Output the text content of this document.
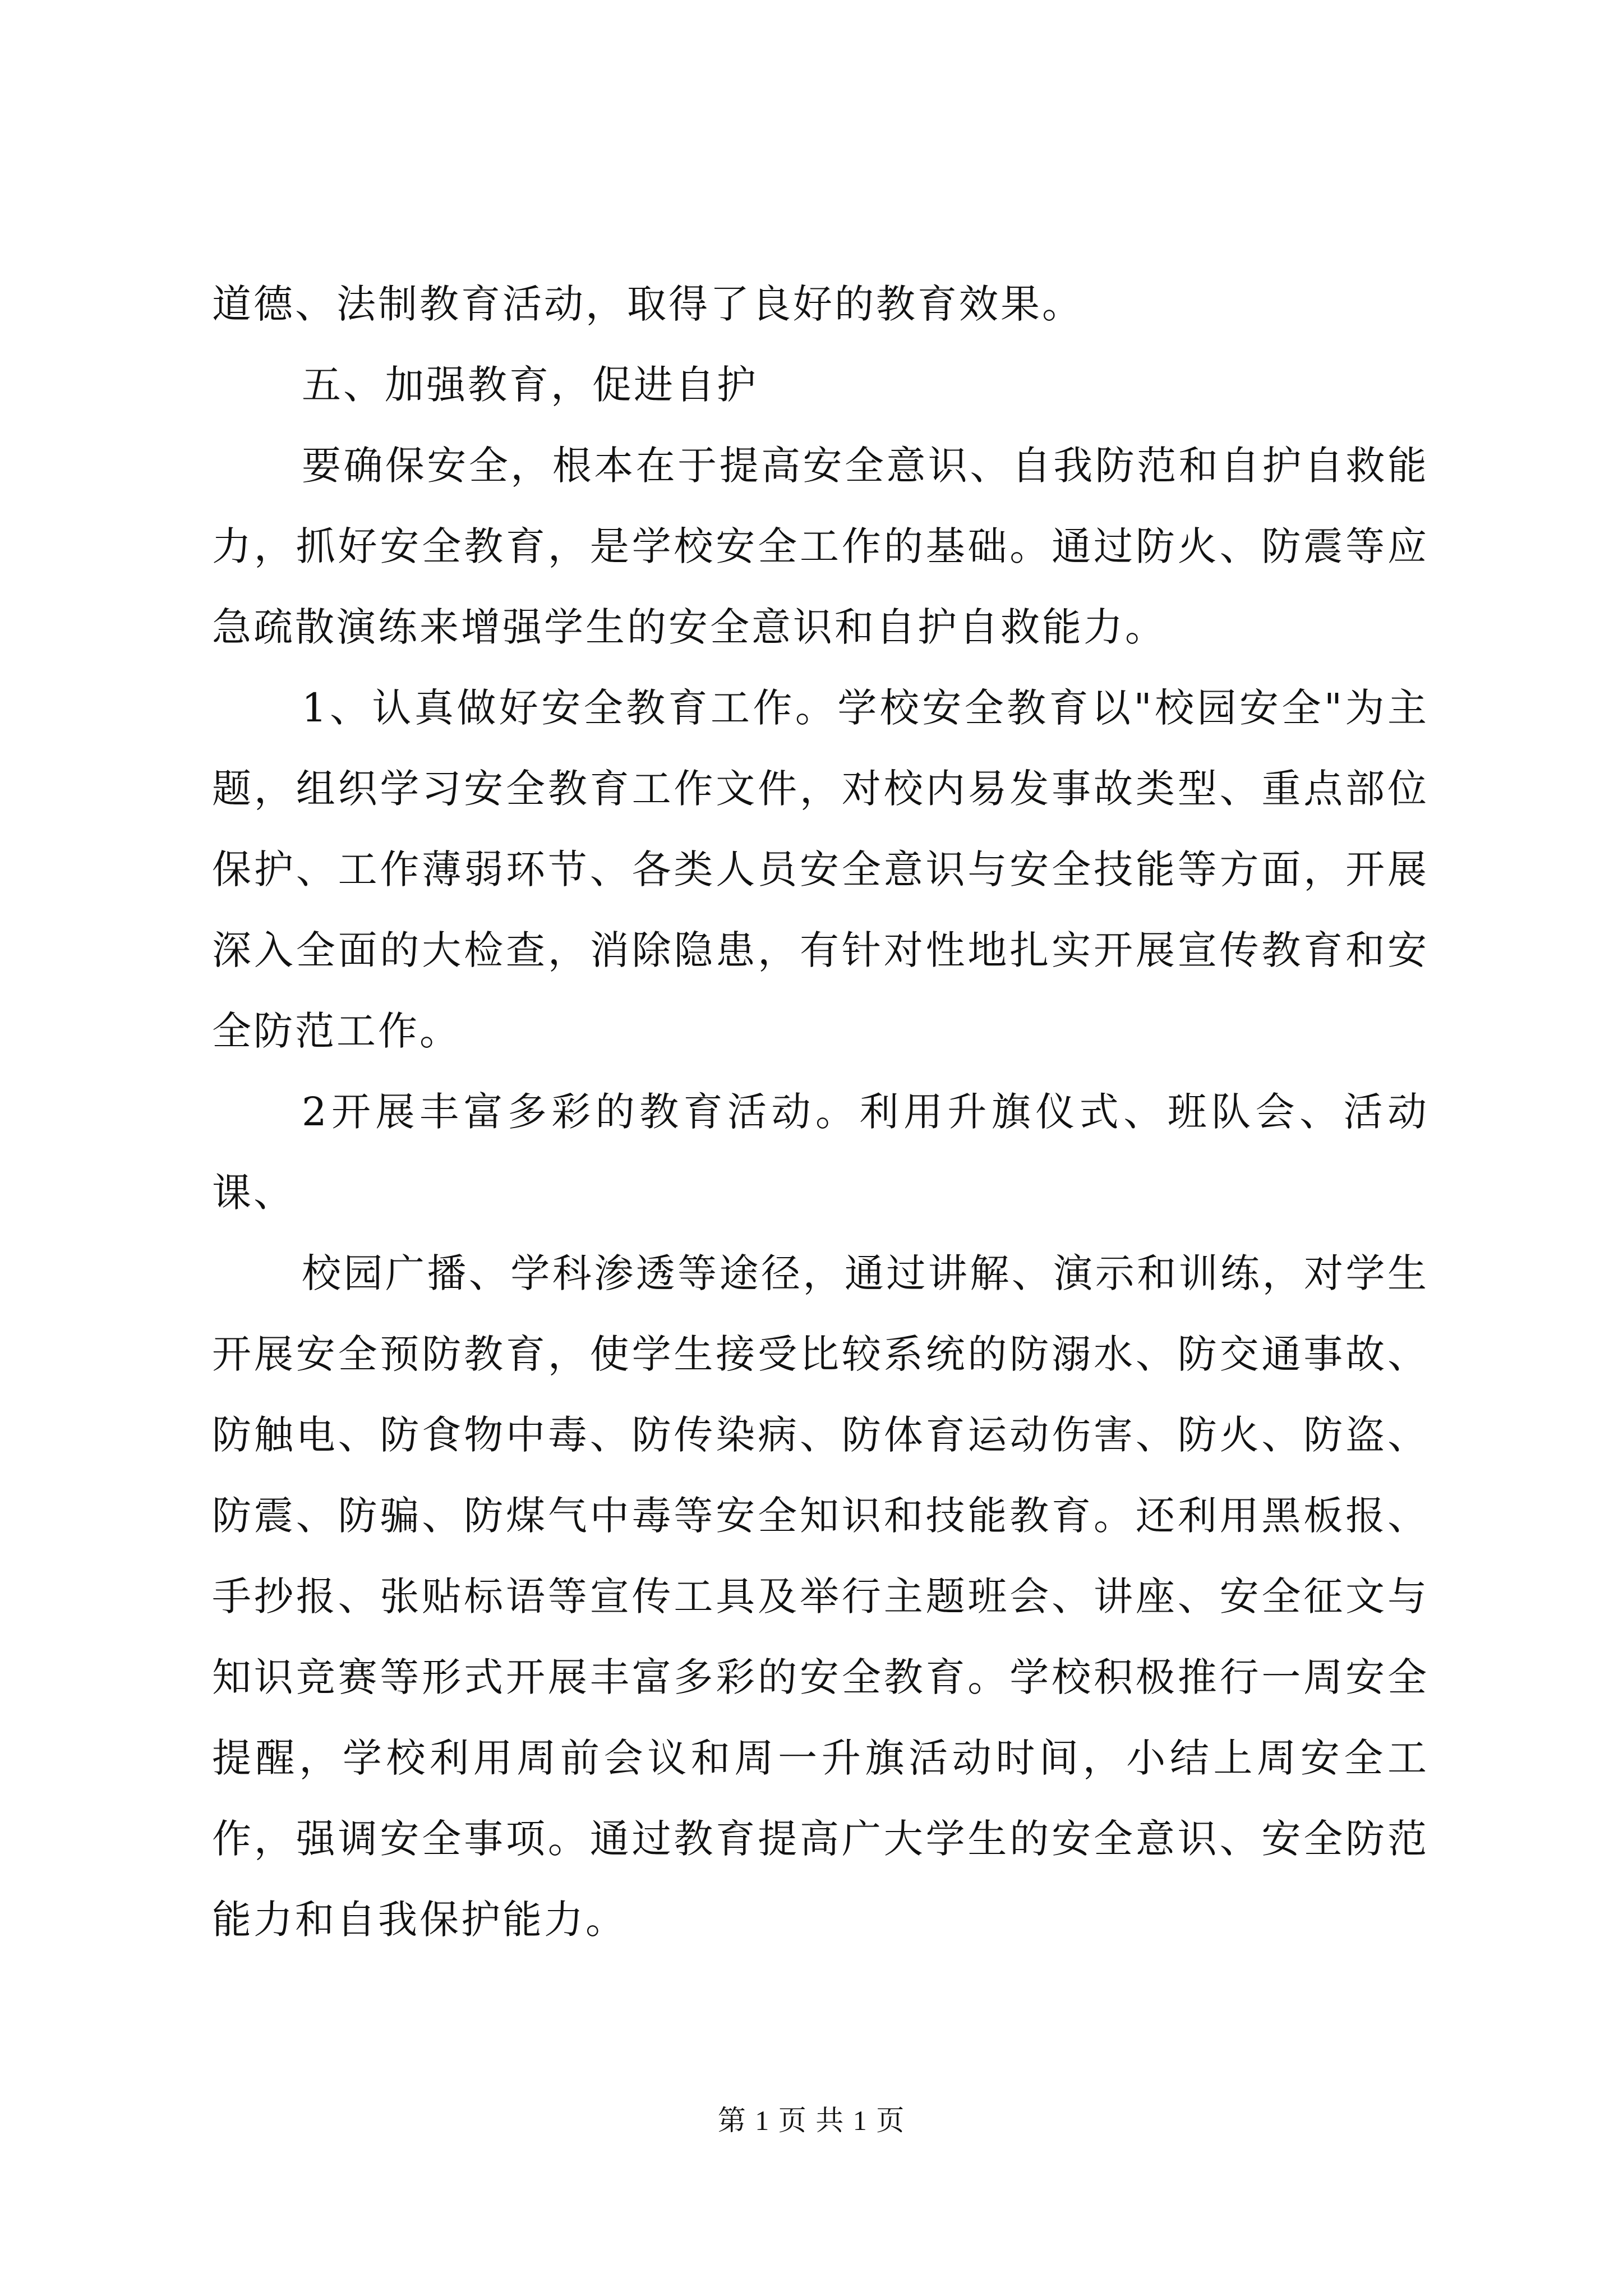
道德、法制教育活动，取得了良好的教育效果。

五、加强教育，促进自护

要确保安全，根本在于提高安全意识、自我防范和自护自救能力，抓好安全教育，是学校安全工作的基础。通过防火、防震等应急疏散演练来增强学生的安全意识和自护自救能力。

1、认真做好安全教育工作。学校安全教育以"校园安全"为主题，组织学习安全教育工作文件，对校内易发事故类型、重点部位保护、工作薄弱环节、各类人员安全意识与安全技能等方面，开展深入全面的大检查，消除隐患，有针对性地扎实开展宣传教育和安全防范工作。

2开展丰富多彩的教育活动。利用升旗仪式、班队会、活动课、

校园广播、学科渗透等途径，通过讲解、演示和训练，对学生开展安全预防教育，使学生接受比较系统的防溺水、防交通事故、防触电、防食物中毒、防传染病、防体育运动伤害、防火、防盗、防震、防骗、防煤气中毒等安全知识和技能教育。还利用黑板报、手抄报、张贴标语等宣传工具及举行主题班会、讲座、安全征文与知识竞赛等形式开展丰富多彩的安全教育。学校积极推行一周安全提醒，学校利用周前会议和周一升旗活动时间，小结上周安全工作，强调安全事项。通过教育提高广大学生的安全意识、安全防范能力和自我保护能力。

第 1 页 共 1 页
